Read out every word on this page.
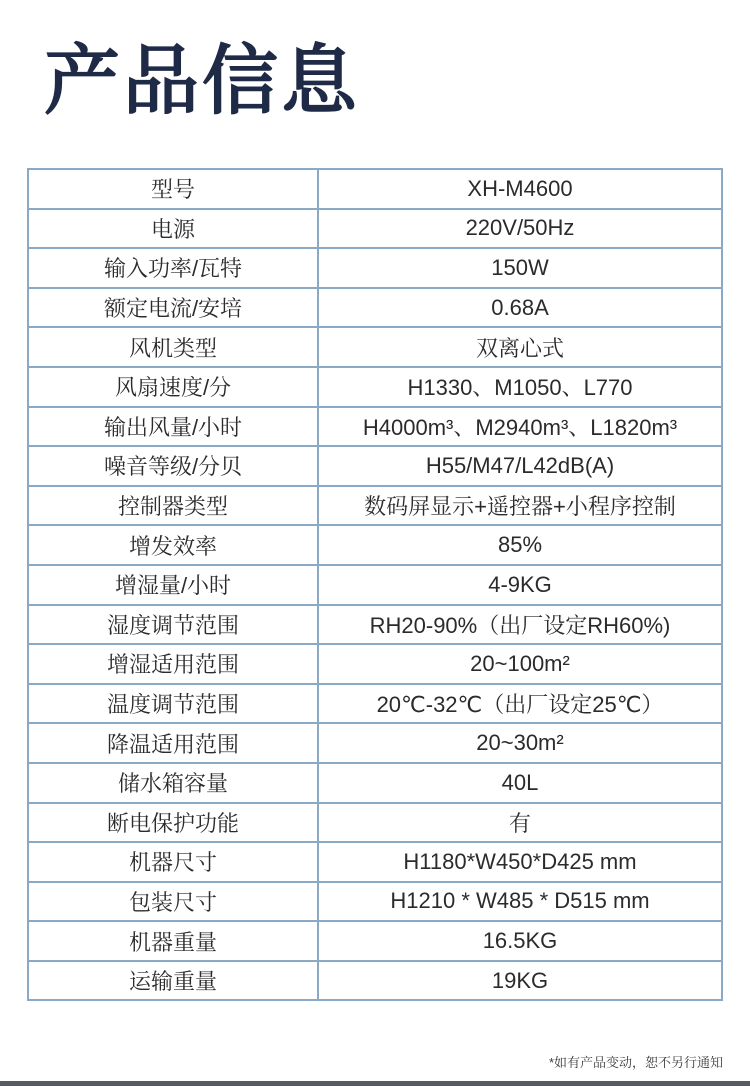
产品信息
型号	XH-M4600
电源	220V/50Hz
输入功率/瓦特	150W
额定电流/安培	0.68A
风机类型	双离心式
风扇速度/分	H1330、M1050、L770
输出风量/小时	H4000m³、M2940m³、L1820m³
噪音等级/分贝	H55/M47/L42dB(A)
控制器类型	数码屏显示+遥控器+小程序控制
增发效率	85%
增湿量/小时	4-9KG
湿度调节范围	RH20-90%（出厂设定RH60%)
增湿适用范围	20~100m²
温度调节范围	20℃-32℃（出厂设定25℃）
降温适用范围	20~30m²
储水箱容量	40L
断电保护功能	有
机器尺寸	H1180*W450*D425 mm
包装尺寸	H1210 * W485 * D515 mm
机器重量	16.5KG
运输重量	19KG
*如有产品变动，恕不另行通知
